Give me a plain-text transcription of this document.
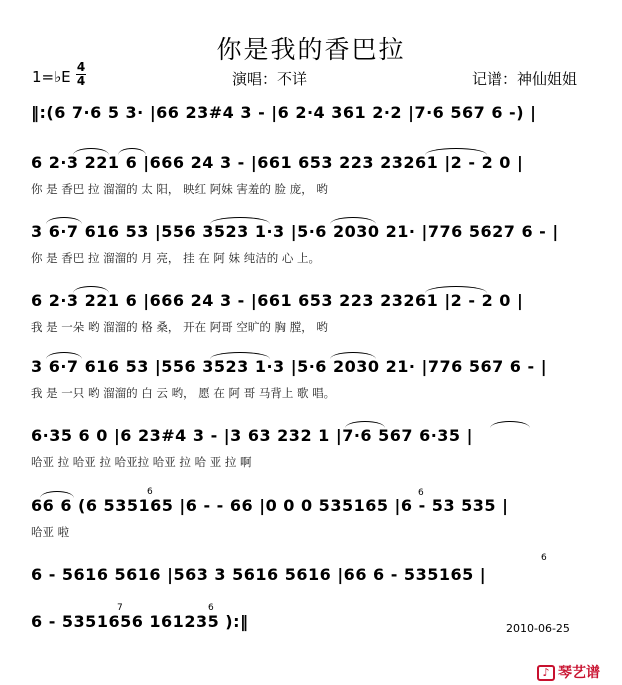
你是我的香巴拉
1=♭E
4
4	演唱：不详	记谱：神仙姐姐
‖:(6 7·6 5 3· |66 23#4 3 - |6 2·4 361 2·2 |7·6 567 6 -) |
6 2·3 221 6 |666 24 3 - |661 653 223 23261 |2 - 2 0 |
你 是 香巴 拉 溜溜的 太 阳， 映红 阿妹 害羞的 脸 庞， 哟
3 6·7 616 53 |556 3523 1·3 |5·6 2030 21· |776 5627 6 - |
你 是 香巴 拉 溜溜的 月 亮， 挂 在 阿 妹 纯洁的 心 上。
6 2·3 221 6 |666 24 3 - |661 653 223 23261 |2 - 2 0 |
我 是 一朵 哟 溜溜的 格 桑， 开在 阿哥 空旷的 胸 膛， 哟
3 6·7 616 53 |556 3523 1·3 |5·6 2030 21· |776 567 6 - |
我 是 一只 哟 溜溜的 白 云 哟， 愿 在 阿 哥 马背上 歌 唱。
6·35 6 0 |6 23#4 3 - |3 63 232 1 |7·6 567 6·35 |
哈亚 拉 哈亚 拉 哈亚拉 哈亚 拉 哈 亚 拉 啊
66 6 (6 535165 |6 - - 66 |0 0 0 535165 |6 - 53 535 |
哈亚 啦
6 - 5616 5616 |563 3 5616 5616 |66 6 - 535165 |
6 - 5351656 161235 ):‖
6
6
6
7	6
2010-06-25
♪ 琴艺谱
